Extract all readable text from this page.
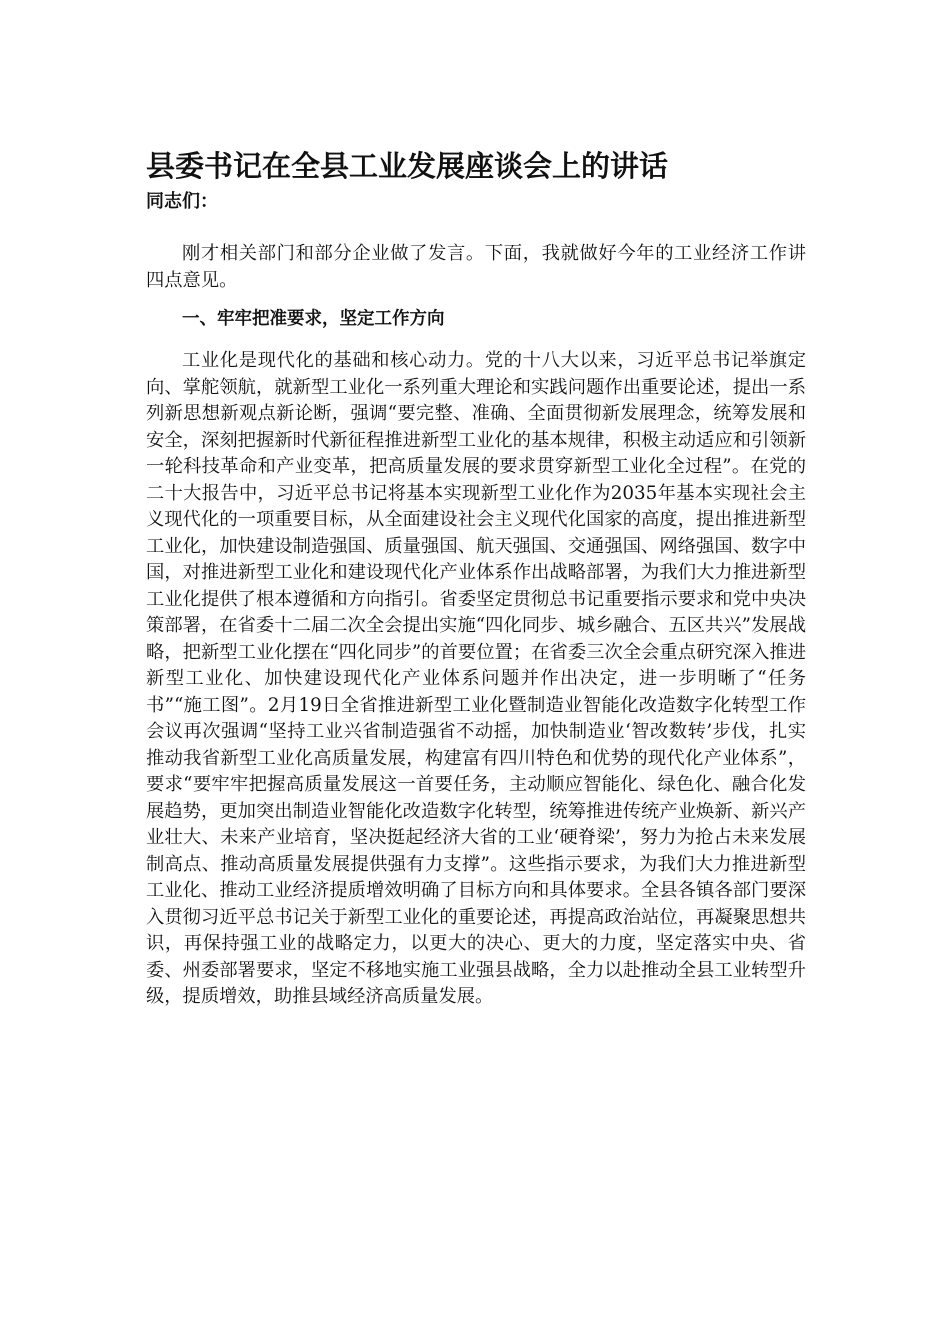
县委书记在全县工业发展座谈会上的讲话

同志们：

刚才相关部门和部分企业做了发言。下面，我就做好今年的工业经济工作讲 四点意见。

一、牢牢把准要求，坚定工作方向

工业化是现代化的基础和核心动力。党的十八大以来，习近平总书记举旗定向、掌舵领航，就新型工业化一系列重大理论和实践问题作出重要论述，提出一系列新思想新观点新论断，强调“要完整、准确、全面贯彻新发展理念，统筹发展和安全，深刻把握新时代新征程推进新型工业化的基本规律，积极主动适应和引领新一轮科技革命和产业变革，把高质量发展的要求贯穿新型工业化全过程”。在党的二十大报告中，习近平总书记将基本实现新型工业化作为2035年基本实现社会主义现代化的一项重要目标，从全面建设社会主义现代化国家的高度，提出推进新型工业化，加快建设制造强国、质量强国、航天强国、交通强国、网络强国、数字中国，对推进新型工业化和建设现代化产业体系作出战略部署，为我们大力推进新型工业化提供了根本遵循和方向指引。省委坚定贯彻总书记重要指示要求和党中央决策部署，在省委十二届二次全会提出实施“四化同步、城乡融合、五区共兴”发展战略，把新型工业化摆在“四化同步”的首要位置；在省委三次全会重点研究深入推进新型工业化、加快建设现代化产业体系问题并作出决定，进一步明晰了“任务书”“施工图”。2月19日全省推进新型工业化暨制造业智能化改造数字化转型工作会议再次强调“坚持工业兴省制造强省不动摇，加快制造业‘智改数转’步伐，扎实推动我省新型工业化高质量发展，构建富有四川特色和优势的现代化产业体系”，要求“要牢牢把握高质量发展这一首要任务，主动顺应智能化、绿色化、融合化发展趋势，更加突出制造业智能化改造数字化转型，统筹推进传统产业焕新、新兴产业壮大、未来产业培育，坚决挺起经济大省的工业‘硬脊梁’，努力为抢占未来发展制高点、推动高质量发展提供强有力支撑”。这些指示要求，为我们大力推进新型工业化、推动工业经济提质增效明确了目标方向和具体要求。全县各镇各部门要深入贯彻习近平总书记关于新型工业化的重要论述，再提高政治站位，再凝聚思想共识，再保持强工业的战略定力，以更大的决心、更大的力度，坚定落实中央、省委、州委部署要求，坚定不移地实施工业强县战略，全力以赴推动全县工业转型升级，提质增效，助推县域经济高质量发展。
